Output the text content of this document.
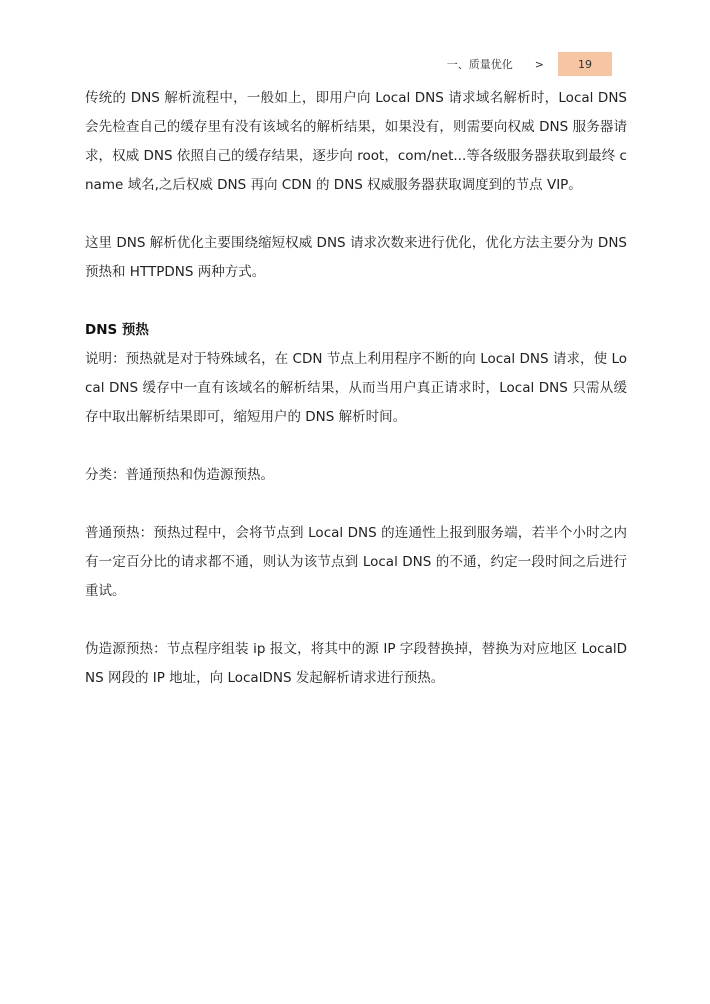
一、质量优化 >	19

传统的 DNS 解析流程中，一般如上，即用户向 Local DNS 请求域名解析时，Local DNS 会先检查自己的缓存里有没有该域名的解析结果，如果没有，则需要向权威 DNS 服务器请求，权威 DNS 依照自己的缓存结果，逐步向 root，com/net...等各级服务器获取到最终 cname 域名,之后权威 DNS 再向 CDN 的 DNS 权威服务器获取调度到的节点 VIP。

这里 DNS 解析优化主要围绕缩短权威 DNS 请求次数来进行优化，优化方法主要分为 DNS 预热和 HTTPDNS 两种方式。

DNS 预热

说明：预热就是对于特殊域名，在 CDN 节点上利用程序不断的向 Local DNS 请求，使 Local DNS 缓存中一直有该域名的解析结果，从而当用户真正请求时，Local DNS 只需从缓存中取出解析结果即可，缩短用户的 DNS 解析时间。

分类：普通预热和伪造源预热。

普通预热：预热过程中，会将节点到 Local DNS 的连通性上报到服务端，若半个小时之内有一定百分比的请求都不通，则认为该节点到 Local DNS 的不通，约定一段时间之后进行重试。

伪造源预热：节点程序组装 ip 报文，将其中的源 IP 字段替换掉，替换为对应地区 LocalDNS 网段的 IP 地址，向 LocalDNS 发起解析请求进行预热。
